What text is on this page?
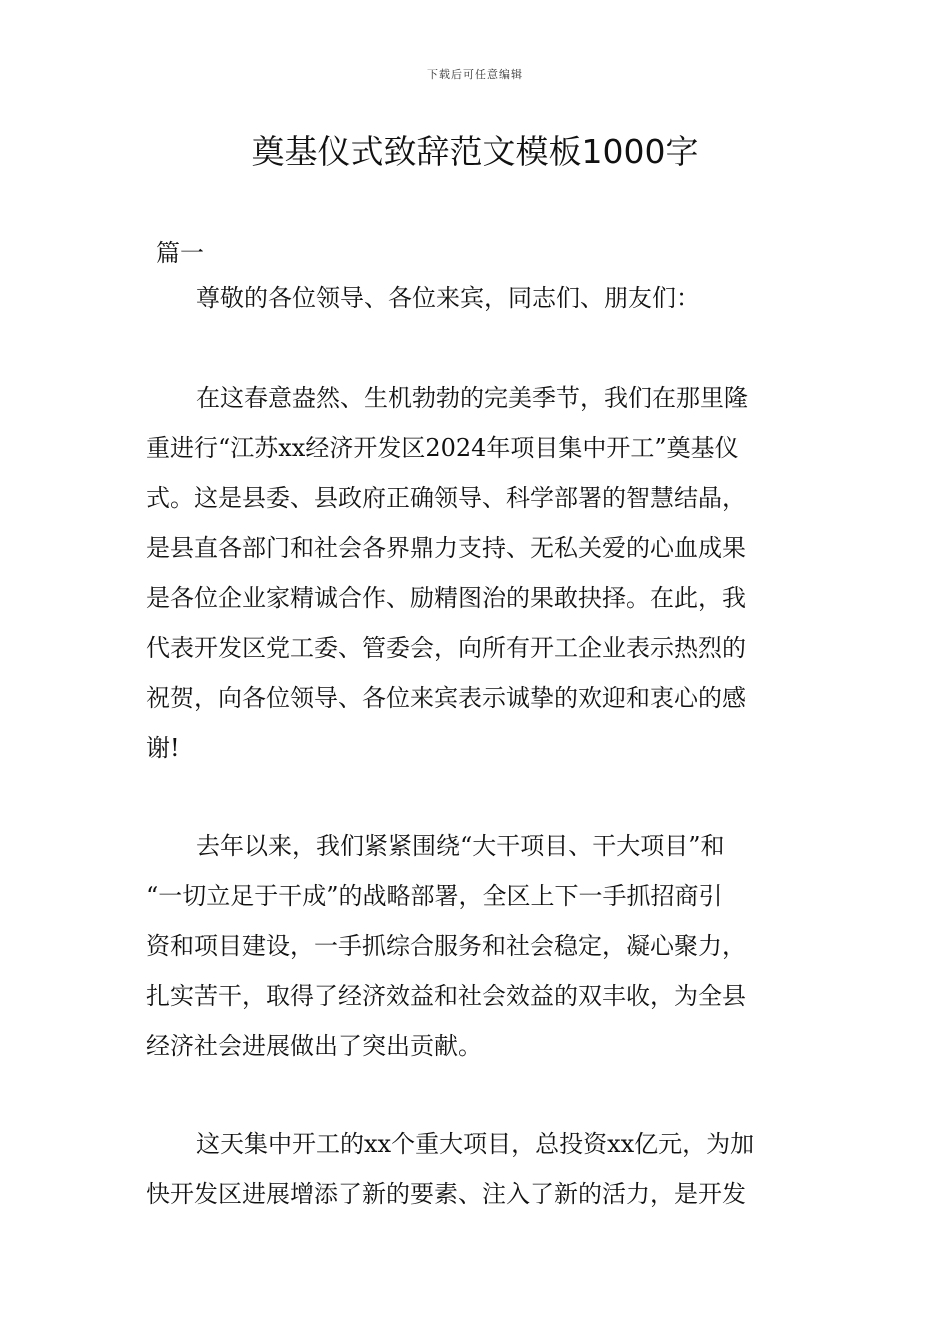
下载后可任意编辑
奠基仪式致辞范文模板1000字
篇一
尊敬的各位领导、各位来宾，同志们、朋友们：
在这春意盎然、生机勃勃的完美季节，我们在那里隆
重进行“江苏xx经济开发区2024年项目集中开工”奠基仪
式。这是县委、县政府正确领导、科学部署的智慧结晶，
是县直各部门和社会各界鼎力支持、无私关爱的心血成果
是各位企业家精诚合作、励精图治的果敢抉择。在此，我
代表开发区党工委、管委会，向所有开工企业表示热烈的
祝贺，向各位领导、各位来宾表示诚挚的欢迎和衷心的感
谢!
去年以来，我们紧紧围绕“大干项目、干大项目”和
“一切立足于干成”的战略部署，全区上下一手抓招商引
资和项目建设，一手抓综合服务和社会稳定，凝心聚力，
扎实苦干，取得了经济效益和社会效益的双丰收，为全县
经济社会进展做出了突出贡献。
这天集中开工的xx个重大项目，总投资xx亿元，为加
快开发区进展增添了新的要素、注入了新的活力，是开发
